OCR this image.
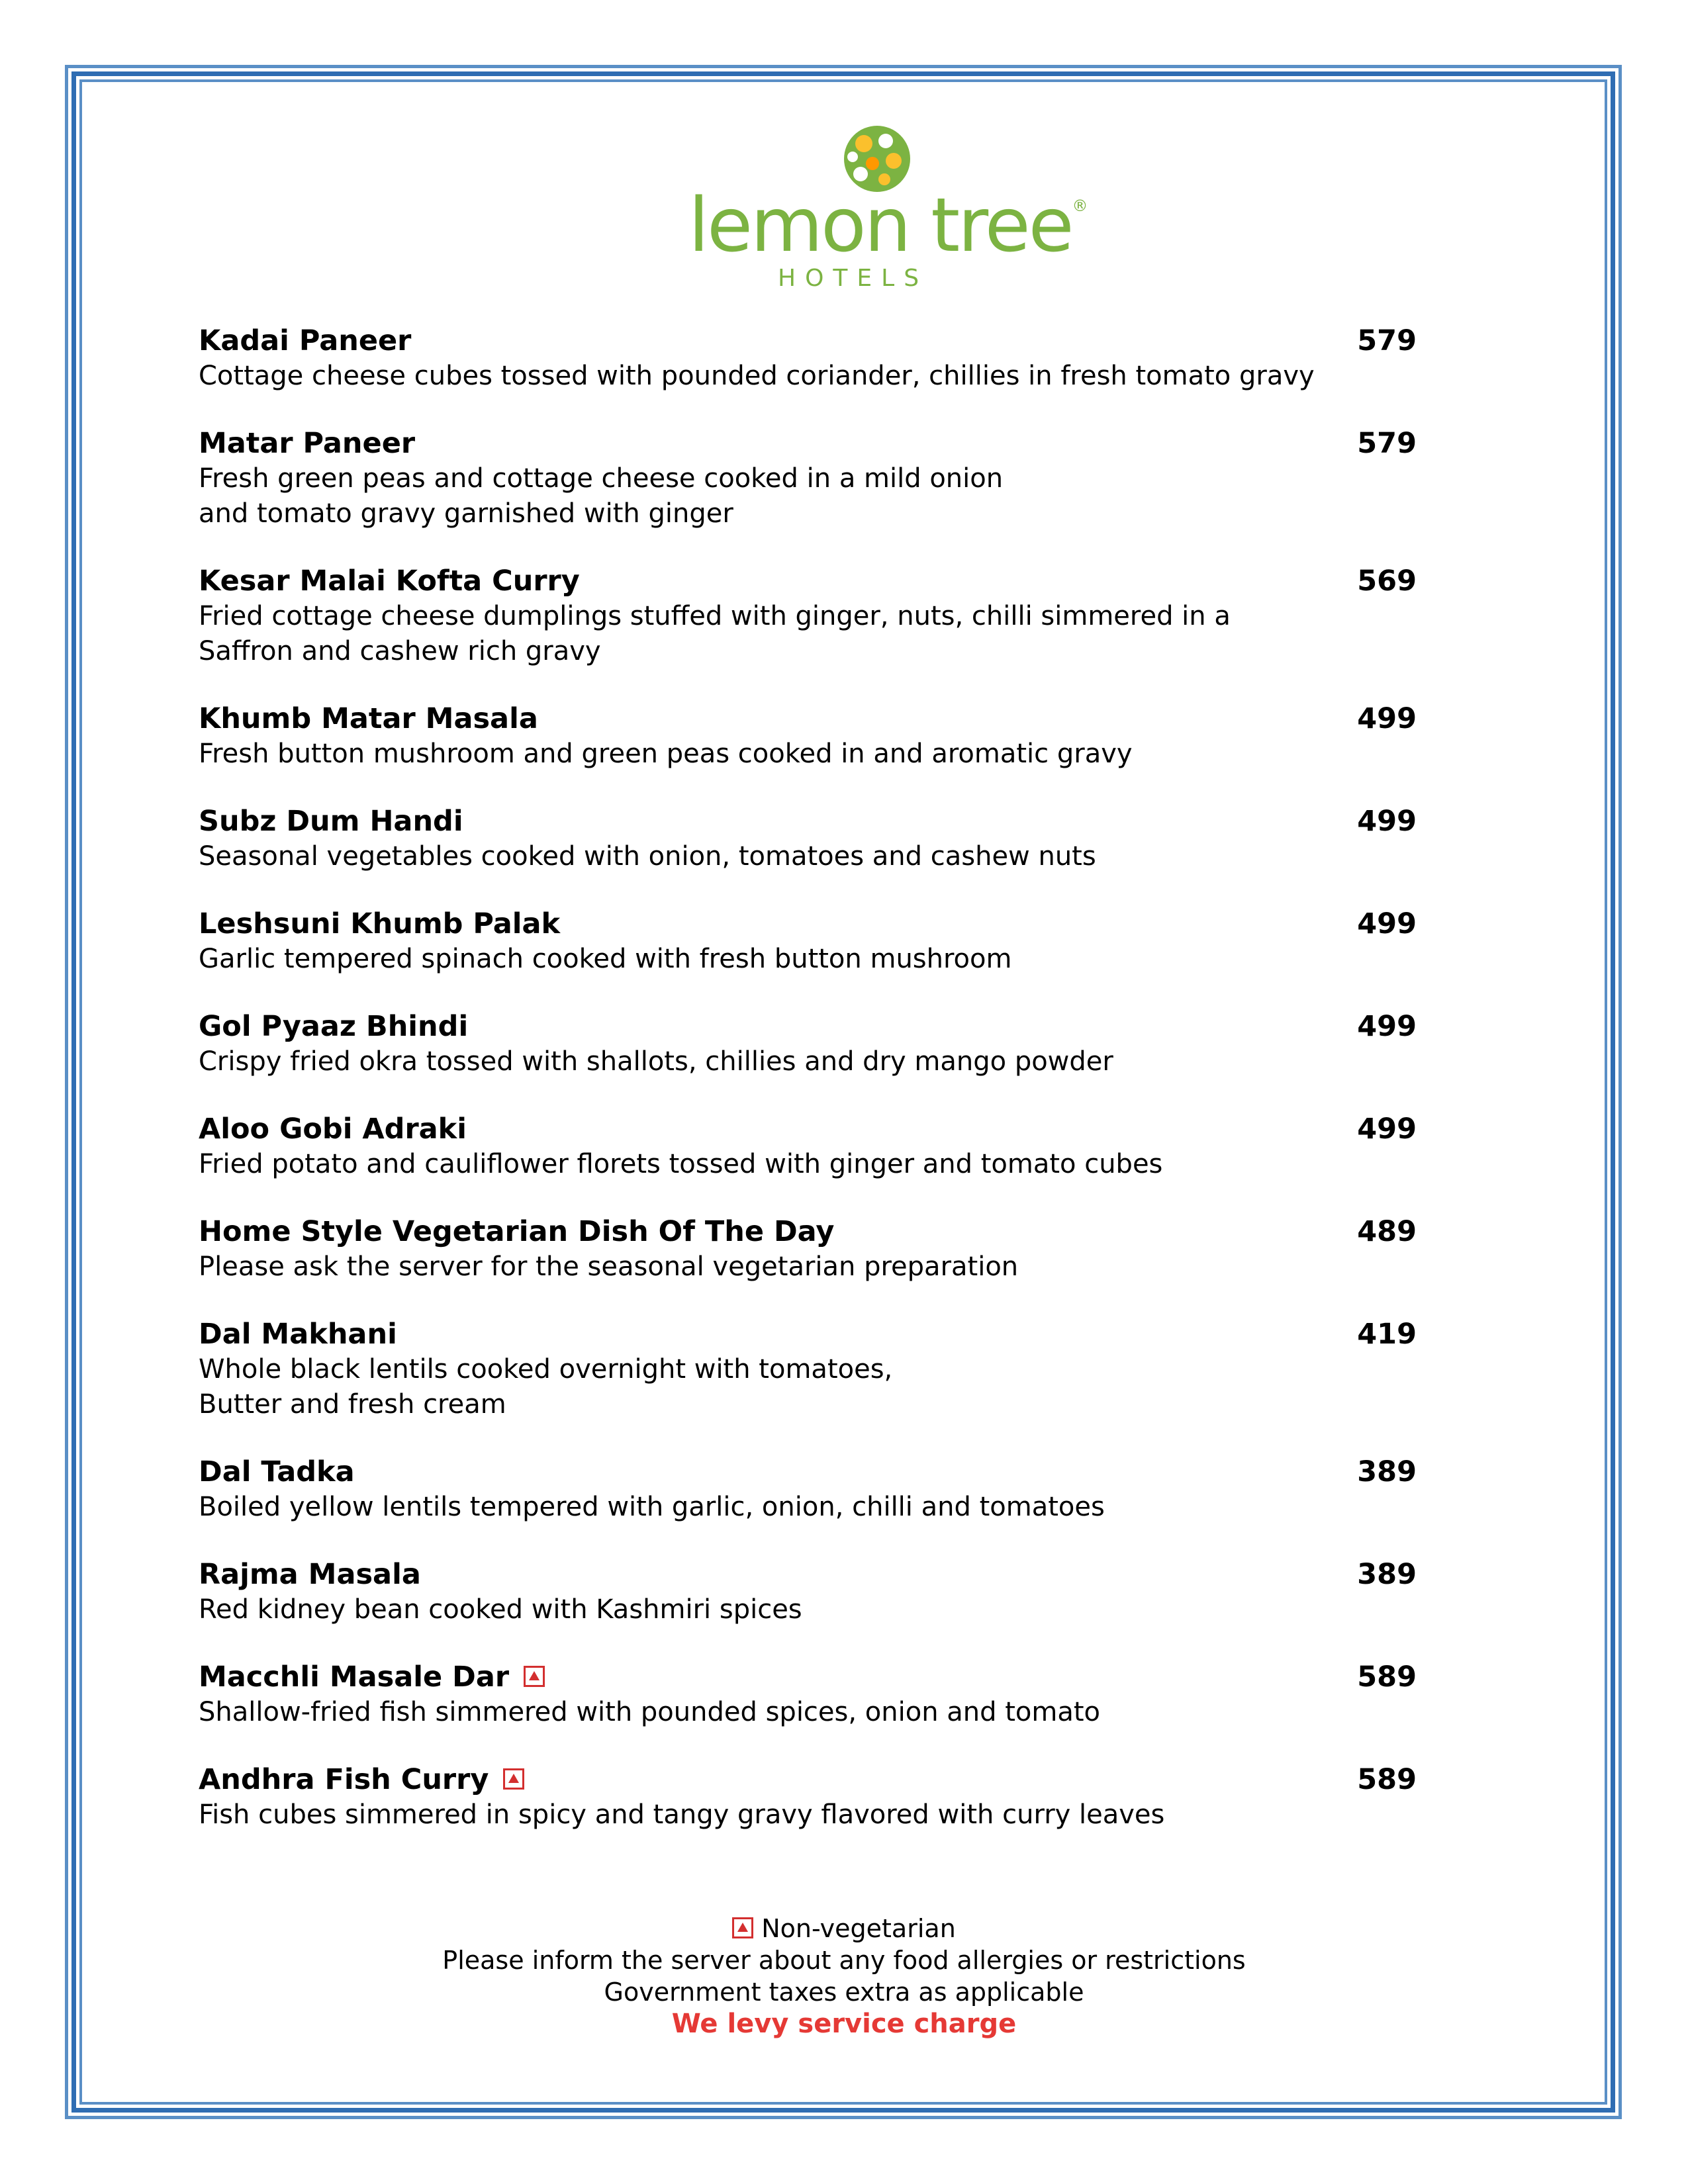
lemon tree®
HOTELS
Kadai Paneer	579
Cottage cheese cubes tossed with pounded coriander, chillies in fresh tomato gravy
Matar Paneer	579
Fresh green peas and cottage cheese cooked in a mild onion
and tomato gravy garnished with ginger
Kesar Malai Kofta Curry	569
Fried cottage cheese dumplings stuffed with ginger, nuts, chilli simmered in a
Saffron and cashew rich gravy
Khumb Matar Masala	499
Fresh button mushroom and green peas cooked in and aromatic gravy
Subz Dum Handi	499
Seasonal vegetables cooked with onion, tomatoes and cashew nuts
Leshsuni Khumb Palak	499
Garlic tempered spinach cooked with fresh button mushroom
Gol Pyaaz Bhindi	499
Crispy fried okra tossed with shallots, chillies and dry mango powder
Aloo Gobi Adraki	499
Fried potato and cauliflower florets tossed with ginger and tomato cubes
Home Style Vegetarian Dish Of The Day	489
Please ask the server for the seasonal vegetarian preparation
Dal Makhani	419
Whole black lentils cooked overnight with tomatoes,
Butter and fresh cream
Dal Tadka	389
Boiled yellow lentils tempered with garlic, onion, chilli and tomatoes
Rajma Masala	389
Red kidney bean cooked with Kashmiri spices
Macchli Masale Dar	589
Shallow-fried fish simmered with pounded spices, onion and tomato
Andhra Fish Curry	589
Fish cubes simmered in spicy and tangy gravy flavored with curry leaves
Non-vegetarian
Please inform the server about any food allergies or restrictions
Government taxes extra as applicable
We levy service charge
